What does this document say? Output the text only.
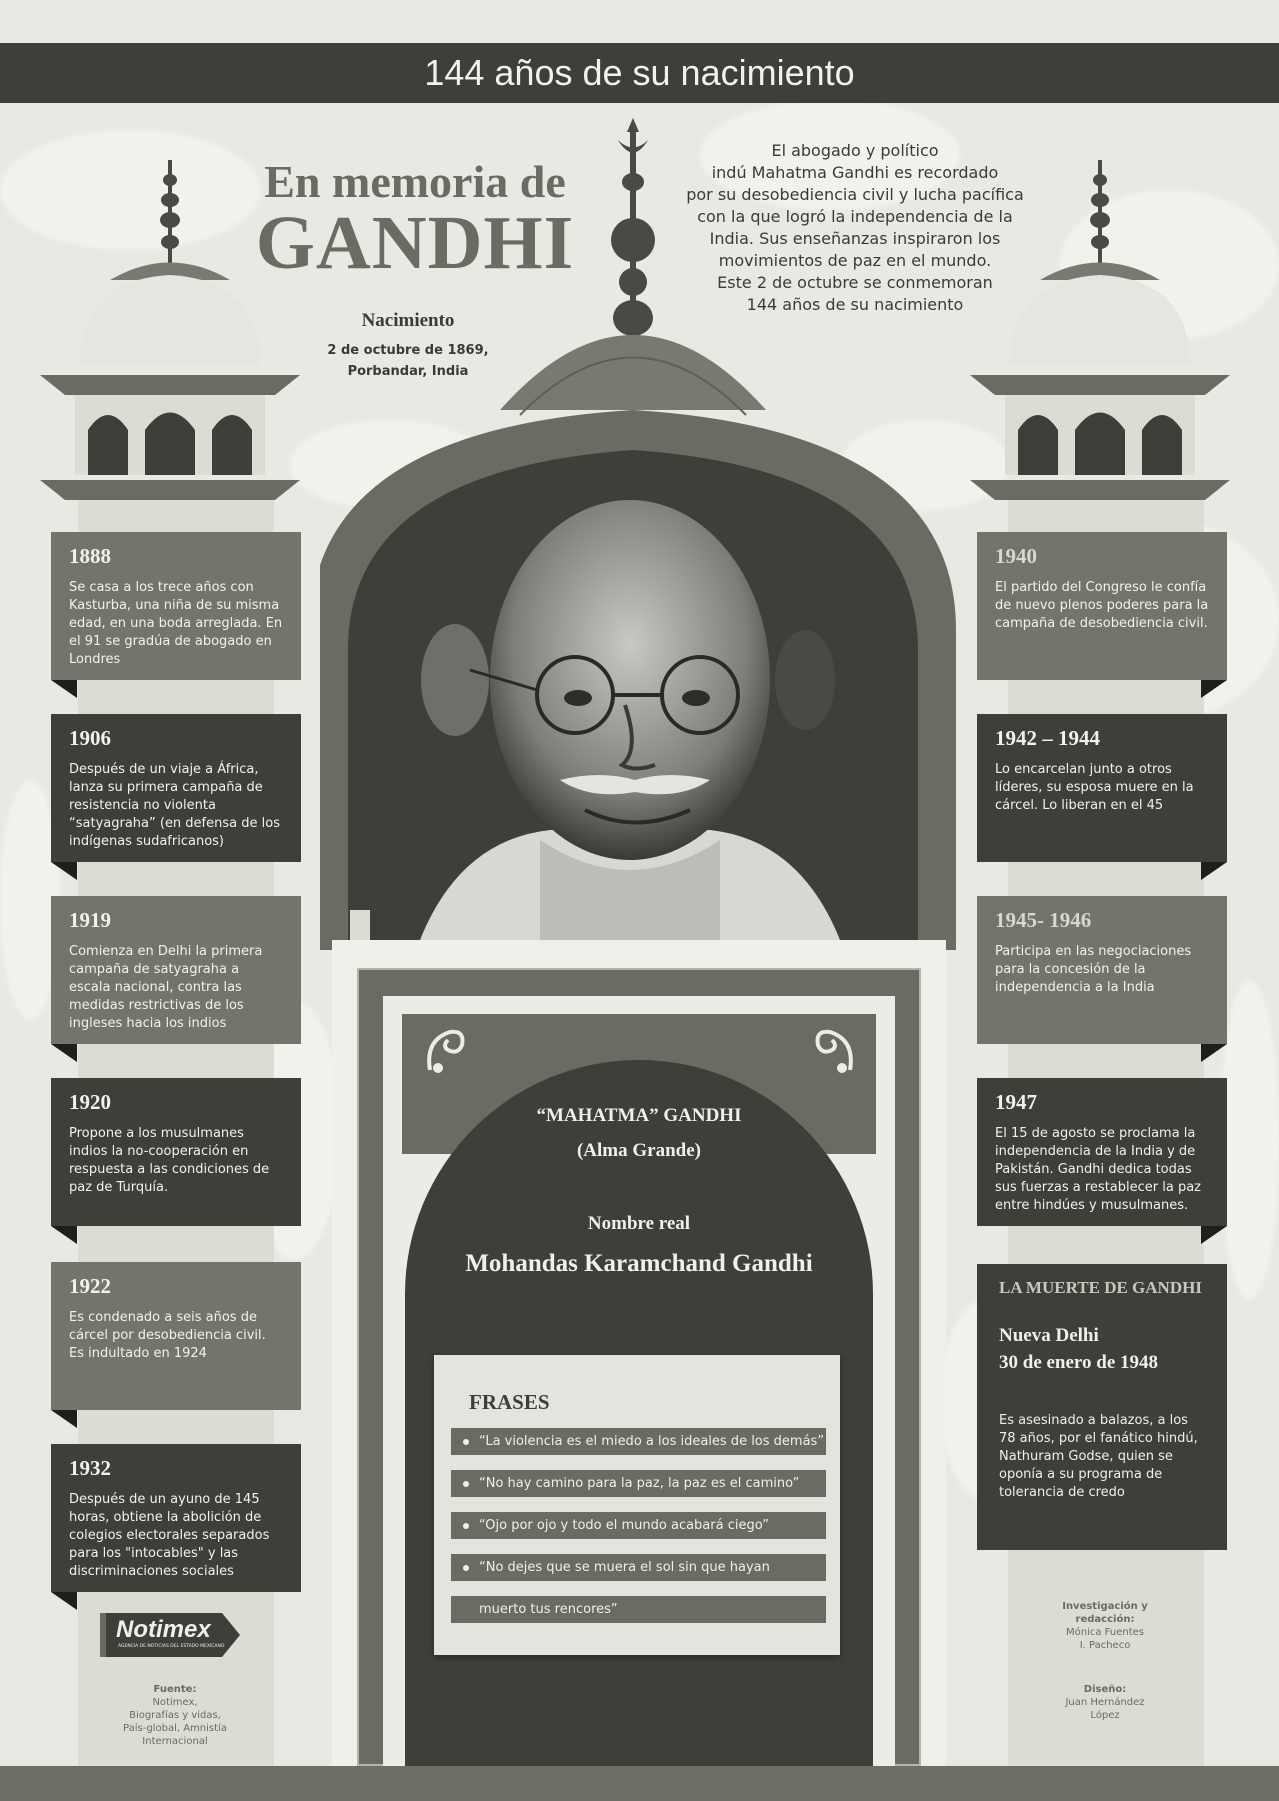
144 años de su nacimiento
En memoria de
GANDHI
Nacimiento
2 de octubre de 1869,
Porbandar, India
El abogado y político
indú Mahatma Gandhi es recordado
por su desobediencia civil y lucha pacífica
con la que logró la independencia de la
India. Sus enseñanzas inspiraron los
movimientos de paz en el mundo.
Este 2 de octubre se conmemoran
144 años de su nacimiento
1888
Se casa a los trece años con Kasturba, una niña de su misma edad, en una boda arreglada. En el 91 se gradúa de abogado en Londres
1906
Después de un viaje a África, lanza su primera campaña de resistencia no violenta “satyagraha” (en defensa de los indígenas sudafricanos)
1919
Comienza en Delhi la primera campaña de satyagraha a escala nacional, contra las medidas restrictivas de los ingleses hacia los indios
1920
Propone a los musulmanes indios la no-cooperación en respuesta a las condiciones de paz de Turquía.
1922
Es condenado a seis años de cárcel por desobediencia civil. Es indultado en 1924
1932
Después de un ayuno de 145 horas, obtiene la abolición de colegios electorales separados para los "intocables" y las discriminaciones sociales
1940
El partido del Congreso le confía de nuevo plenos poderes para la campaña de desobediencia civil.
1942 – 1944
Lo encarcelan junto a otros líderes, su esposa muere en la cárcel. Lo liberan en el 45
1945- 1946
Participa en las negociaciones para la concesión de la independencia a la India
1947
El 15 de agosto se proclama la independencia de la India y de Pakistán. Gandhi dedica todas sus fuerzas a restablecer la paz entre hindúes y musulmanes.
LA MUERTE DE GANDHI
Nueva Delhi
30 de enero de 1948
Es asesinado a balazos, a los 78 años, por el fanático hindú, Nathuram Godse, quien se oponía a su programa de tolerancia de credo
“MAHATMA” GANDHI
(Alma Grande)
Nombre real
Mohandas Karamchand Gandhi
FRASES
“La violencia es el miedo a los ideales de los demás”
“No hay camino para la paz, la paz es el camino”
“Ojo por ojo y todo el mundo acabará ciego”
“No dejes que se muera el sol sin que hayan
muerto tus rencores”
Notimex
AGENCIA DE NOTICIAS DEL ESTADO MEXICANO
Fuente:
Notimex,
Biografías y vidas,
País-global, Amnistía
Internacional
Investigación y
redacción:
Mónica Fuentes
I. Pacheco
Diseño:
Juan Hernández
López
